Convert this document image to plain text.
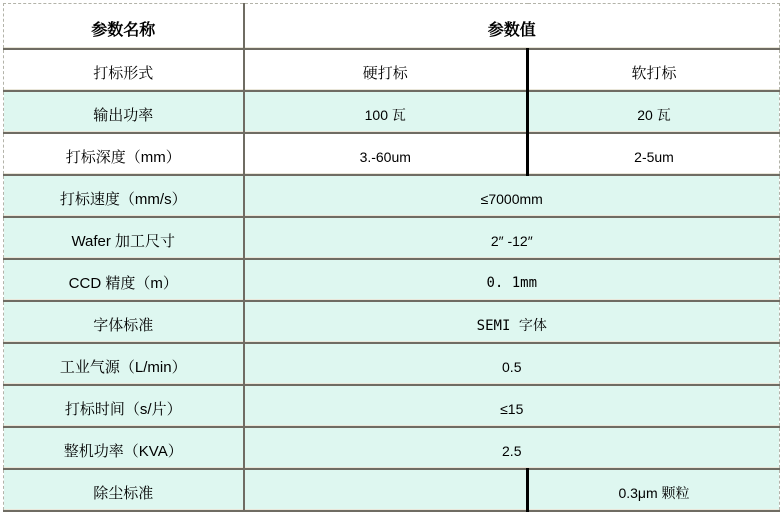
参数名称	参数值	
打标形式	硬打标	软打标
输出功率	100 瓦	20 瓦
打标深度（mm）	3.-60um	2-5um
打标速度（mm/s）	≤7000mm	
Wafer 加工尺寸	2″ -12″	
CCD 精度（m）	0. 1mm	
字体标准	SEMI 字体	
工业气源（L/min）	0.5	
打标时间（s/片）	≤15	
整机功率（KVA）	2.5	
除尘标准		0.3μm 颗粒
